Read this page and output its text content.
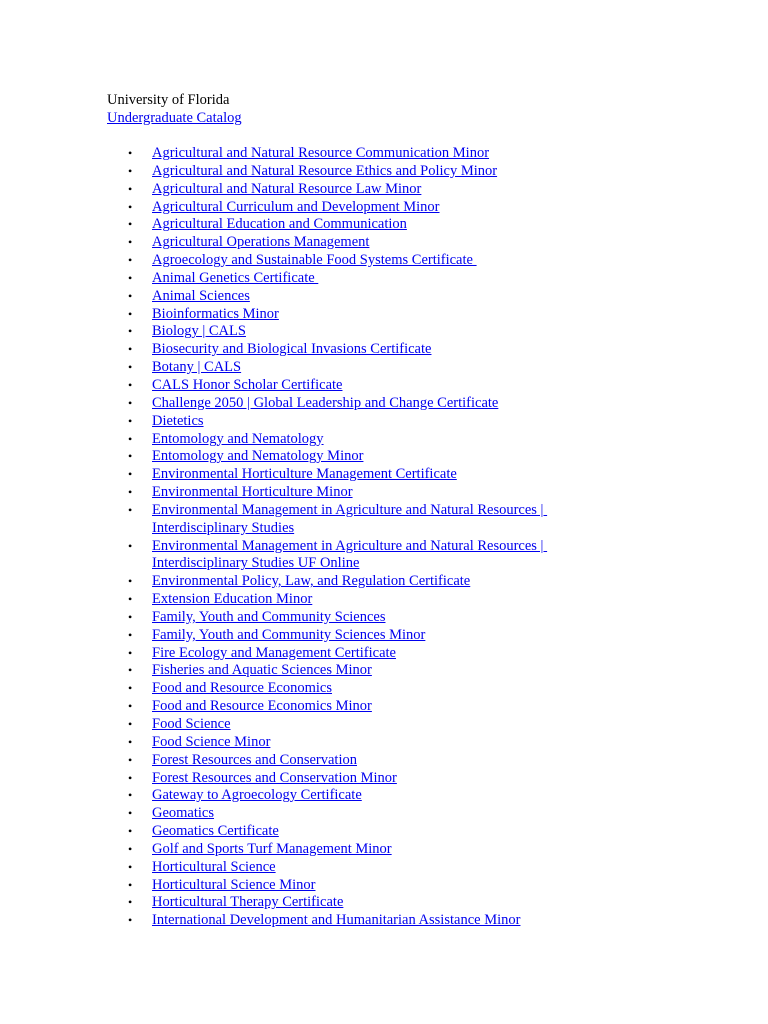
University of Florida
Undergraduate Catalog
• Agricultural and Natural Resource Communication Minor
• Agricultural and Natural Resource Ethics and Policy Minor
• Agricultural and Natural Resource Law Minor
• Agricultural Curriculum and Development Minor
• Agricultural Education and Communication
• Agricultural Operations Management
• Agroecology and Sustainable Food Systems Certificate
• Animal Genetics Certificate
• Animal Sciences
• Bioinformatics Minor
• Biology | CALS
• Biosecurity and Biological Invasions Certificate
• Botany | CALS
• CALS Honor Scholar Certificate
• Challenge 2050 | Global Leadership and Change Certificate
• Dietetics
• Entomology and Nematology
• Entomology and Nematology Minor
• Environmental Horticulture Management Certificate
• Environmental Horticulture Minor
• Environmental Management in Agriculture and Natural Resources | Interdisciplinary Studies
• Environmental Management in Agriculture and Natural Resources | Interdisciplinary Studies UF Online
• Environmental Policy, Law, and Regulation Certificate
• Extension Education Minor
• Family, Youth and Community Sciences
• Family, Youth and Community Sciences Minor
• Fire Ecology and Management Certificate
• Fisheries and Aquatic Sciences Minor
• Food and Resource Economics
• Food and Resource Economics Minor
• Food Science
• Food Science Minor
• Forest Resources and Conservation
• Forest Resources and Conservation Minor
• Gateway to Agroecology Certificate
• Geomatics
• Geomatics Certificate
• Golf and Sports Turf Management Minor
• Horticultural Science
• Horticultural Science Minor
• Horticultural Therapy Certificate
• International Development and Humanitarian Assistance Minor
